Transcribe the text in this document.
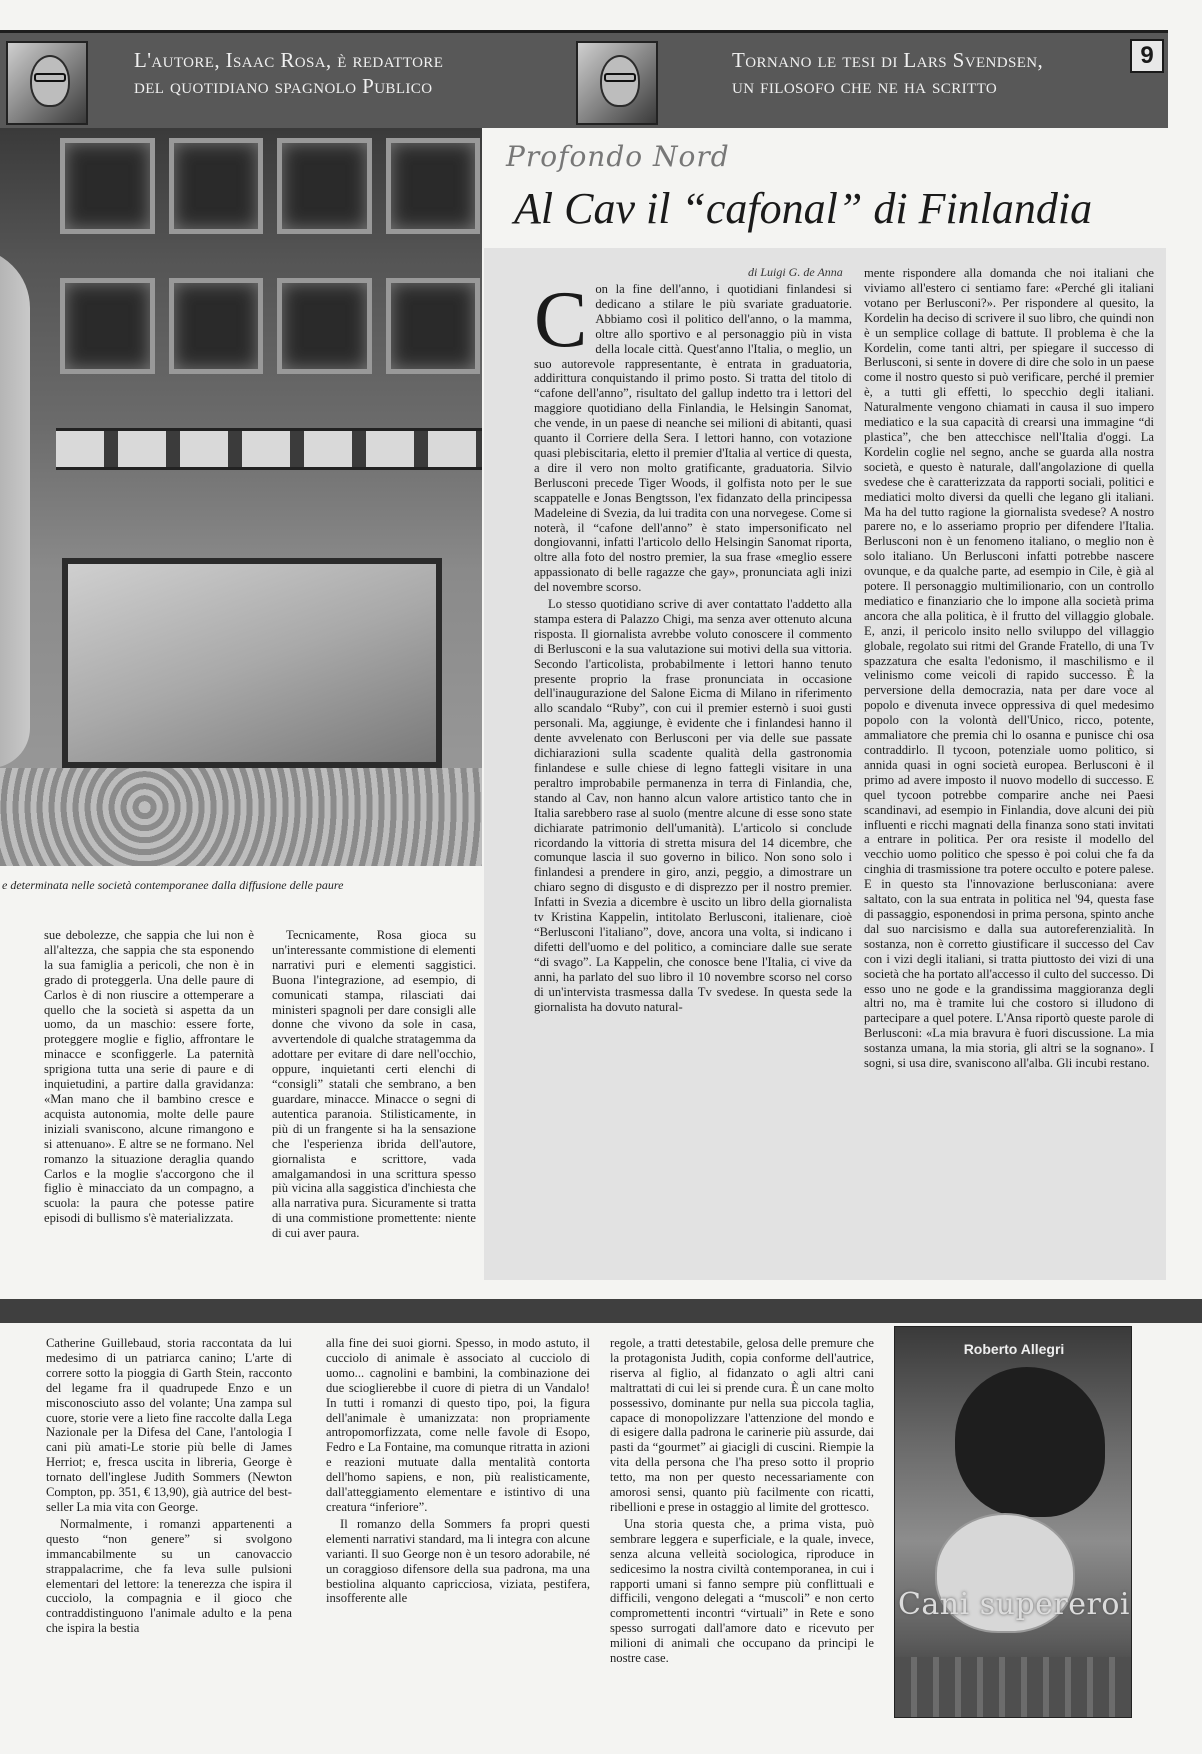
L'autore, Isaac Rosa, è redattore
del quotidiano spagnolo Publico
Tornano le tesi di Lars Svendsen,
un filosofo che ne ha scritto
9
e determinata nelle società contemporanee dalla diffusione delle paure
Profondo Nord
Al Cav il “cafonal” di Finlandia
di Luigi G. de Anna

Con la fine dell'anno, i quotidiani finlandesi si dedicano a stilare le più svariate graduatorie. Abbiamo così il politico dell'anno, o la mamma, oltre allo sportivo e al personaggio più in vista della locale città. Quest'anno l'Italia, o meglio, un suo autorevole rappresentante, è entrata in graduatoria, addirittura conquistando il primo posto. Si tratta del titolo di “cafone dell'anno”, risultato del gallup indetto tra i lettori del maggiore quotidiano della Finlandia, le Helsingin Sanomat, che vende, in un paese di neanche sei milioni di abitanti, quasi quanto il Corriere della Sera. I lettori hanno, con votazione quasi plebiscitaria, eletto il premier d'Italia al vertice di questa, a dire il vero non molto gratificante, graduatoria. Silvio Berlusconi precede Tiger Woods, il golfista noto per le sue scappatelle e Jonas Bengtsson, l'ex fidanzato della principessa Madeleine di Svezia, da lui tradita con una norvegese. Come si noterà, il “cafone dell'anno” è stato impersonificato nel dongiovanni, infatti l'articolo dello Helsingin Sanomat riporta, oltre alla foto del nostro premier, la sua frase «meglio essere appassionato di belle ragazze che gay», pronunciata agli inizi del novembre scorso.

Lo stesso quotidiano scrive di aver contattato l'addetto alla stampa estera di Palazzo Chigi, ma senza aver ottenuto alcuna risposta. Il giornalista avrebbe voluto conoscere il commento di Berlusconi e la sua valutazione sui motivi della sua vittoria. Secondo l'articolista, probabilmente i lettori hanno tenuto presente proprio la frase pronunciata in occasione dell'inaugurazione del Salone Eicma di Milano in riferimento allo scandalo “Ruby”, con cui il premier esternò i suoi gusti personali. Ma, aggiunge, è evidente che i finlandesi hanno il dente avvelenato con Berlusconi per via delle sue passate dichiarazioni sulla scadente qualità della gastronomia finlandese e sulle chiese di legno fattegli visitare in una peraltro improbabile permanenza in terra di Finlandia, che, stando al Cav, non hanno alcun valore artistico tanto che in Italia sarebbero rase al suolo (mentre alcune di esse sono state dichiarate patrimonio dell'umanità). L'articolo si conclude ricordando la vittoria di stretta misura del 14 dicembre, che comunque lascia il suo governo in bilico. Non sono solo i finlandesi a prendere in giro, anzi, peggio, a dimostrare un chiaro segno di disgusto e di disprezzo per il nostro premier. Infatti in Svezia a dicembre è uscito un libro della giornalista tv Kristina Kappelin, intitolato Berlusconi, italienare, cioè “Berlusconi l'italiano”, dove, ancora una volta, si indicano i difetti dell'uomo e del politico, a cominciare dalle sue serate “di svago”. La Kappelin, che conosce bene l'Italia, ci vive da anni, ha parlato del suo libro il 10 novembre scorso nel corso di un'intervista trasmessa dalla Tv svedese. In questa sede la giornalista ha dovuto natural-

mente rispondere alla domanda che noi italiani che viviamo all'estero ci sentiamo fare: «Perché gli italiani votano per Berlusconi?». Per rispondere al quesito, la Kordelin ha deciso di scrivere il suo libro, che quindi non è un semplice collage di battute. Il problema è che la Kordelin, come tanti altri, per spiegare il successo di Berlusconi, si sente in dovere di dire che solo in un paese come il nostro questo si può verificare, perché il premier è, a tutti gli effetti, lo specchio degli italiani. Naturalmente vengono chiamati in causa il suo impero mediatico e la sua capacità di crearsi una immagine “di plastica”, che ben attecchisce nell'Italia d'oggi. La Kordelin coglie nel segno, anche se guarda alla nostra società, e questo è naturale, dall'angolazione di quella svedese che è caratterizzata da rapporti sociali, politici e mediatici molto diversi da quelli che legano gli italiani. Ma ha del tutto ragione la giornalista svedese? A nostro parere no, e lo asseriamo proprio per difendere l'Italia. Berlusconi non è un fenomeno italiano, o meglio non è solo italiano. Un Berlusconi infatti potrebbe nascere ovunque, e da qualche parte, ad esempio in Cile, è già al potere. Il personaggio multimilionario, con un controllo mediatico e finanziario che lo impone alla società prima ancora che alla politica, è il frutto del villaggio globale. E, anzi, il pericolo insito nello sviluppo del villaggio globale, regolato sui ritmi del Grande Fratello, di una Tv spazzatura che esalta l'edonismo, il maschilismo e il velinismo come veicoli di rapido successo. È la perversione della democrazia, nata per dare voce al popolo e divenuta invece oppressiva di quel medesimo popolo con la volontà dell'Unico, ricco, potente, ammaliatore che premia chi lo osanna e punisce chi osa contraddirlo. Il tycoon, potenziale uomo politico, si annida quasi in ogni società europea. Berlusconi è il primo ad avere imposto il nuovo modello di successo. E quel tycoon potrebbe comparire anche nei Paesi scandinavi, ad esempio in Finlandia, dove alcuni dei più influenti e ricchi magnati della finanza sono stati invitati a entrare in politica. Per ora resiste il modello del vecchio uomo politico che spesso è poi colui che fa da cinghia di trasmissione tra potere occulto e potere palese. E in questo sta l'innovazione berlusconiana: avere saltato, con la sua entrata in politica nel '94, questa fase di passaggio, esponendosi in prima persona, spinto anche dal suo narcisismo e dalla sua autoreferenzialità. In sostanza, non è corretto giustificare il successo del Cav con i vizi degli italiani, si tratta piuttosto dei vizi di una società che ha portato all'accesso il culto del successo. Di esso uno ne gode e la grandissima maggioranza degli altri no, ma è tramite lui che costoro si illudono di partecipare a quel potere. L'Ansa riportò queste parole di Berlusconi: «La mia bravura è fuori discussione. La mia sostanza umana, la mia storia, gli altri se la sognano». I sogni, si usa dire, svaniscono all'alba. Gli incubi restano.

sue debolezze, che sappia che lui non è all'altezza, che sappia che sta esponendo la sua famiglia a pericoli, che non è in grado di proteggerla. Una delle paure di Carlos è di non riuscire a ottemperare a quello che la società si aspetta da un uomo, da un maschio: essere forte, proteggere moglie e figlio, affrontare le minacce e sconfiggerle. La paternità sprigiona tutta una serie di paure e di inquietudini, a partire dalla gravidanza: «Man mano che il bambino cresce e acquista autonomia, molte delle paure iniziali svaniscono, alcune rimangono e si attenuano». E altre se ne formano. Nel romanzo la situazione deraglia quando Carlos e la moglie s'accorgono che il figlio è minacciato da un compagno, a scuola: la paura che potesse patire episodi di bullismo s'è materializzata.

Tecnicamente, Rosa gioca su un'interessante commistione di elementi narrativi puri e elementi saggistici. Buona l'integrazione, ad esempio, di comunicati stampa, rilasciati dai ministeri spagnoli per dare consigli alle donne che vivono da sole in casa, avvertendole di qualche stratagemma da adottare per evitare di darе nell'occhio, oppure, inquietanti certi elenchi di “consigli” statali che sembrano, a ben guardare, minacce. Minacce o segni di autentica paranoia. Stilisticamente, in più di un frangente si ha la sensazione che l'esperienza ibrida dell'autore, giornalista e scrittore, vada amalgamandosi in una scrittura spesso più vicina alla saggistica d'inchiesta che alla narrativa pura. Sicuramente si tratta di una commistione promettente: niente di cui aver paura.

Catherine Guillebaud, storia raccontata da lui medesimo di un patriarca canino; L'arte di correre sotto la pioggia di Garth Stein, racconto del legame fra il quadrupede Enzo e un misconosciuto asso del volante; Una zampa sul cuore, storie vere a lieto fine raccolte dalla Lega Nazionale per la Difesa del Cane, l'antologia I cani più amati-Le storie più belle di James Herriot; e, fresca uscita in libreria, George è tornato dell'inglese Judith Sommers (Newton Compton, pp. 351, € 13,90), già autrice del best-seller La mia vita con George.

Normalmente, i romanzi appartenenti a questo “non genere” si svolgono immancabilmente su un canovaccio strappalacrime, che fa leva sulle pulsioni elementari del lettore: la tenerezza che ispira il cucciolo, la compagnia e il gioco che contraddistinguono l'animale adulto e la pena che ispira la bestia

alla fine dei suoi giorni. Spesso, in modo astuto, il cucciolo di animale è associato al cucciolo di uomo... cagnolini e bambini, la combinazione dei due scioglierebbe il cuore di pietra di un Vandalo! In tutti i romanzi di questo tipo, poi, la figura dell'animale è umanizzata: non propriamente antropomorfizzata, come nelle favole di Esopo, Fedro e La Fontaine, ma comunque ritratta in azioni e reazioni mutuate dalla mentalità contorta dell'homo sapiens, e non, più realisticamente, dall'atteggiamento elementare e istintivo di una creatura “inferiore”.

Il romanzo della Sommers fa propri questi elementi narrativi standard, ma li integra con alcune varianti. Il suo George non è un tesoro adorabile, né un coraggioso difensore della sua padrona, ma una bestiolina alquanto capricciosa, viziata, pestifera, insofferente alle

regole, a tratti detestabile, gelosa delle premure che la protagonista Judith, copia conforme dell'autrice, riserva al figlio, al fidanzato o agli altri cani maltrattati di cui lei si prende cura. È un cane molto possessivo, dominante pur nella sua piccola taglia, capace di monopolizzare l'attenzione del mondo e di esigere dalla padrona le carinerie più assurde, dai pasti da “gourmet” ai giacigli di cuscini. Riempie la vita della persona che l'ha preso sotto il proprio tetto, ma non per questo necessariamente con amorosi sensi, quanto più facilmente con ricatti, ribellioni e prese in ostaggio al limite del grottesco.

Una storia questa che, a prima vista, può sembrare leggera e superficiale, e la quale, invece, senza alcuna velleità sociologica, riproduce in sedicesimo la nostra civiltà contemporanea, in cui i rapporti umani si fanno sempre più conflittuali e difficili, vengono delegati a “muscoli” e non certo compromettenti incontri “virtuali” in Rete e sono spesso surrogati dall'amore dato e ricevuto per milioni di animali che occupano da principi le nostre case.

Roberto Allegri
Cani supereroi
